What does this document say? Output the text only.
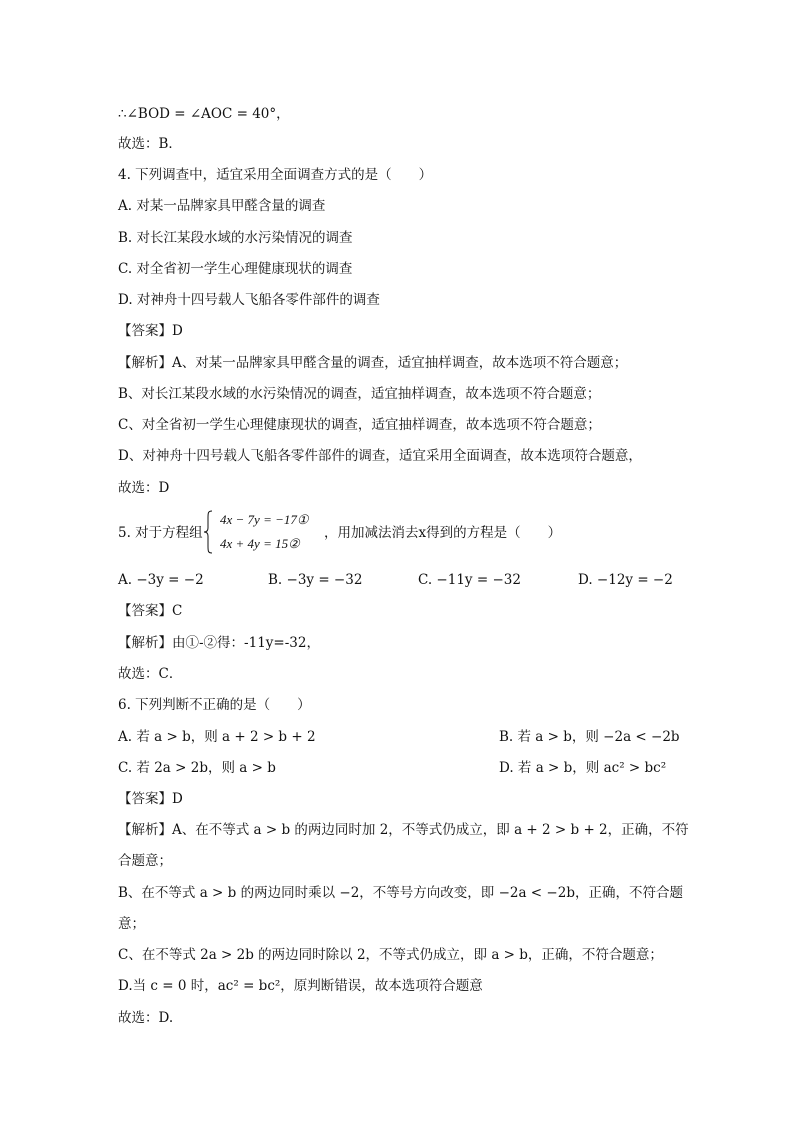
∴∠BOD = ∠AOC = 40°，
故选：B．
4. 下列调查中，适宜采用全面调查方式的是（　　）
A. 对某一品牌家具甲醛含量的调查
B. 对长江某段水域的水污染情况的调查
C. 对全省初一学生心理健康现状的调查
D. 对神舟十四号载人飞船各零件部件的调查
【答案】D
【解析】A、对某一品牌家具甲醛含量的调查，适宜抽样调查，故本选项不符合题意；
B、对长江某段水域的水污染情况的调查，适宜抽样调查，故本选项不符合题意；
C、对全省初一学生心理健康现状的调查，适宜抽样调查，故本选项不符合题意；
D、对神舟十四号载人飞船各零件部件的调查，适宜采用全面调查，故本选项符合题意，
故选：D
5. 对于方程组
4x − 7y = −17①
4x + 4y = 15②
，用加减法消去x得到的方程是（　　）
A. −3y = −2	B. −3y = −32	C. −11y = −32	D. −12y = −2
【答案】C
【解析】由①-②得：-11y=-32，
故选：C．
6. 下列判断不正确的是（　　）
A. 若 a > b，则 a + 2 > b + 2	B. 若 a > b，则 −2a < −2b
C. 若 2a > 2b，则 a > b	D. 若 a > b，则 ac² > bc²
【答案】D
【解析】A、在不等式 a > b 的两边同时加 2，不等式仍成立，即 a + 2 > b + 2，正确，不符
合题意；
B、在不等式 a > b 的两边同时乘以 −2，不等号方向改变，即 −2a < −2b，正确，不符合题
意；
C、在不等式 2a > 2b 的两边同时除以 2，不等式仍成立，即 a > b，正确，不符合题意；
D.当 c = 0 时，ac² = bc²，原判断错误，故本选项符合题意
故选：D.
